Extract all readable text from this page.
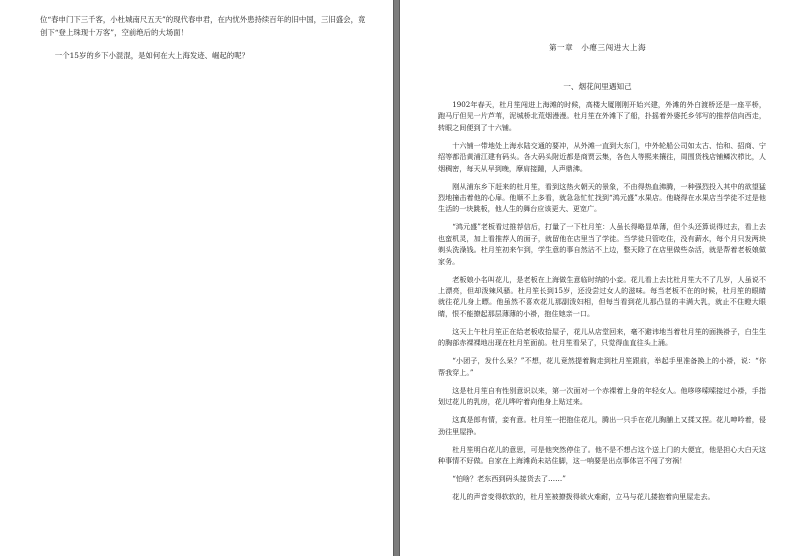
位“春申门下三千客，小杜城南尺五天”的现代春申君，在内忧外患持续百年的旧中国，三旧盛会，竟创下“登上珠现十万客”，空前绝后的大场面！

一个15岁的乡下小混混，是如何在大上海发迹、崛起的呢？

第一章　小瘪三闯进大上海
一、烟花间里遇知己

1902年春天，杜月笙闯进上海滩的时候，高楼大厦刚刚开始兴建，外滩的外白渡桥还是一座平桥，跑马厅但见一片芦苇，泥城桥北荒烟漫漫。杜月笙在外滩下了船，扑摇着外婆托乡邻写的推荐信向西走，转眼之间便到了十六铺。

十六铺一带地处上海水陆交通的要冲，从外滩一直到大东门，中外轮船公司如太古、怡和、招商、宁绍等都沿黄浦江建有码头。各大码头附近都是商贾云集，各色人等熙来攘往，周围货栈店铺鳞次栉比，人烟稠密，每天从早到晚，摩肩接踵，人声鼎沸。

刚从浦东乡下赶来的杜月笙，看到这热火朝天的景象，不由得热血沸腾，一种强烈投入其中的欲望猛烈地撞击着他的心扉。他顺不上多看，就急急忙忙找到“鸿元盛”水果店。他晓得在水果店当学徒不过是他生活的一块跳板，他人生的舞台应该更大、更宽广。

“鸿元盛”老板看过推荐信后，打量了一下杜月笙：人虽长得略显单薄，但个头还算说得过去，看上去也蛮机灵，加上看推荐人的面子，就留他在店里当了学徒。当学徒只管吃住，没有薪水，每个月只发两块剃头洗澡钱。杜月笙初来乍到，学生意的事自然沾不上边，整天除了在店里做些杂活，就是帮着老板娘做家务。

老板娘小名叫花儿，是老板在上海做生意临时纳的小妾。花儿看上去比杜月笙大不了几岁，人虽说不上漂亮，但却泼辣风骚。杜月笙长到15岁，还没尝过女人的滋味。每当老板不在的时候，杜月笙的眼睛就往花儿身上瞟。他虽然不喜欢花儿那副泼妇相，但每当看到花儿那凸显的丰满大乳，就止不住瞪大眼睛，恨不能撩起那层薄薄的小褂，抱住她亲一口。

这天上午杜月笙正在给老板收拾屋子，花儿从店堂回来，毫不避讳地当着杜月笙的面换褂子，白生生的胸部赤裸裸地出现在杜月笙面前。杜月笙看呆了，只觉得血直往头上涌。

“小团子，发什么呆？”不想，花儿竟然提着胸走到杜月笙跟前，举起手里准备换上的小褂，说：“你帮我穿上。”

这是杜月笙自有性别意识以来，第一次面对一个赤裸着上身的年轻女人。他哆哆嗦嗦接过小褂，手指划过花儿的乳房，花儿哗咛着向他身上贴过来。

这真是郎有情，妾有意。杜月笙一把抱住花儿，腾出一只手在花儿胸脯上又揉又捏。花儿呻吟着，侵劲往里屋挣。

杜月笙明白花儿的意思，可是他突然停住了。他不是不想占这个送上门的大便宜，他是担心大白天这种事情不好做。自家在上海滩尚未站住脚，这一响要是出点事体岂不闯了穷祸！

“怕啥？老东西到码头接货去了……”

花儿的声音变得软软的，杜月笙被撩拨得欲火难耐，立马与花儿搂抱着向里屋走去。
